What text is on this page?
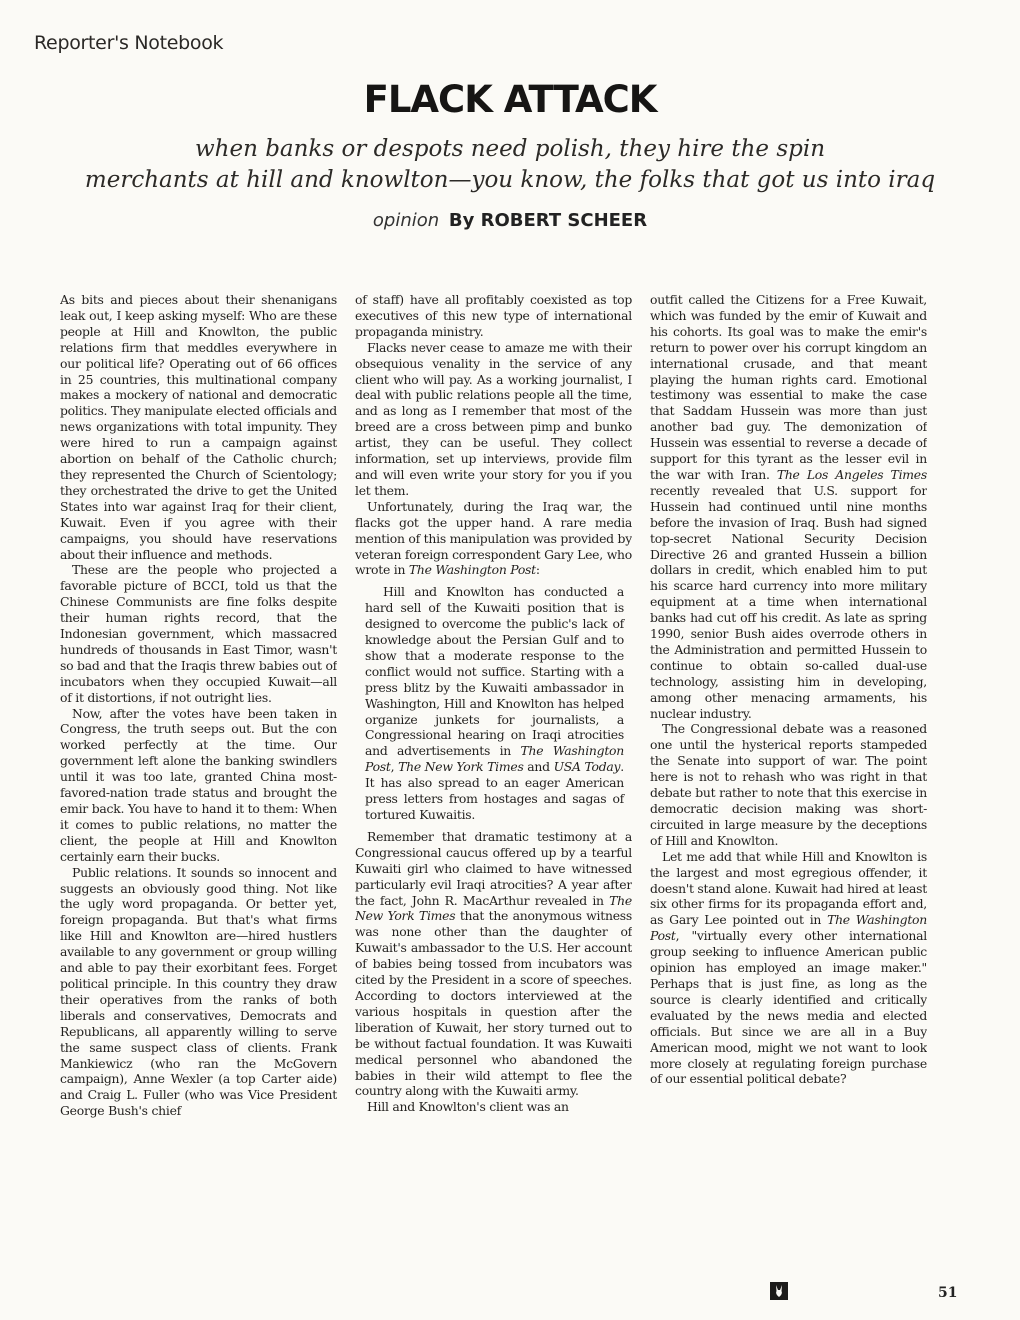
Reporter's Notebook
FLACK ATTACK
when banks or despots need polish, they hire the spin
merchants at hill and knowlton—you know, the folks that got us into iraq
opinion By ROBERT SCHEER

As bits and pieces about their shenanigans leak out, I keep asking myself: Who are these people at Hill and Knowlton, the public relations firm that meddles everywhere in our political life? Operating out of 66 offices in 25 countries, this multinational company makes a mockery of national and democratic politics. They manipulate elected officials and news organizations with total impunity. They were hired to run a campaign against abortion on behalf of the Catholic church; they represented the Church of Scientology; they orchestrated the drive to get the United States into war against Iraq for their client, Kuwait. Even if you agree with their campaigns, you should have reservations about their influence and methods.

These are the people who projected a favorable picture of BCCI, told us that the Chinese Communists are fine folks despite their human rights record, that the Indonesian government, which massacred hundreds of thousands in East Timor, wasn't so bad and that the Iraqis threw babies out of incubators when they occupied Kuwait—all of it distortions, if not outright lies.

Now, after the votes have been taken in Congress, the truth seeps out. But the con worked perfectly at the time. Our government left alone the banking swindlers until it was too late, granted China most-favored-nation trade status and brought the emir back. You have to hand it to them: When it comes to public relations, no matter the client, the people at Hill and Knowlton certainly earn their bucks.

Public relations. It sounds so innocent and suggests an obviously good thing. Not like the ugly word propaganda. Or better yet, foreign propaganda. But that's what firms like Hill and Knowlton are—hired hustlers available to any government or group willing and able to pay their exorbitant fees. Forget political principle. In this country they draw their operatives from the ranks of both liberals and conservatives, Democrats and Republicans, all apparently willing to serve the same suspect class of clients. Frank Mankiewicz (who ran the McGovern campaign), Anne Wexler (a top Carter aide) and Craig L. Fuller (who was Vice President George Bush's chief

of staff) have all profitably coexisted as top executives of this new type of international propaganda ministry.

Flacks never cease to amaze me with their obsequious venality in the service of any client who will pay. As a working journalist, I deal with public relations people all the time, and as long as I remember that most of the breed are a cross between pimp and bunko artist, they can be useful. They collect information, set up interviews, provide film and will even write your story for you if you let them.

Unfortunately, during the Iraq war, the flacks got the upper hand. A rare media mention of this manipulation was provided by veteran foreign correspondent Gary Lee, who wrote in The Washington Post:

Hill and Knowlton has conducted a hard sell of the Kuwaiti position that is designed to overcome the public's lack of knowledge about the Persian Gulf and to show that a moderate response to the conflict would not suffice. Starting with a press blitz by the Kuwaiti ambassador in Washington, Hill and Knowlton has helped organize junkets for journalists, a Congressional hearing on Iraqi atrocities and advertisements in The Washington Post, The New York Times and USA Today. It has also spread to an eager American press letters from hostages and sagas of tortured Kuwaitis.

Remember that dramatic testimony at a Congressional caucus offered up by a tearful Kuwaiti girl who claimed to have witnessed particularly evil Iraqi atrocities? A year after the fact, John R. MacArthur revealed in The New York Times that the anonymous witness was none other than the daughter of Kuwait's ambassador to the U.S. Her account of babies being tossed from incubators was cited by the President in a score of speeches. According to doctors interviewed at the various hospitals in question after the liberation of Kuwait, her story turned out to be without factual foundation. It was Kuwaiti medical personnel who abandoned the babies in their wild attempt to flee the country along with the Kuwaiti army.

Hill and Knowlton's client was an

outfit called the Citizens for a Free Kuwait, which was funded by the emir of Kuwait and his cohorts. Its goal was to make the emir's return to power over his corrupt kingdom an international crusade, and that meant playing the human rights card. Emotional testimony was essential to make the case that Saddam Hussein was more than just another bad guy. The demonization of Hussein was essential to reverse a decade of support for this tyrant as the lesser evil in the war with Iran. The Los Angeles Times recently revealed that U.S. support for Hussein had continued until nine months before the invasion of Iraq. Bush had signed top-secret National Security Decision Directive 26 and granted Hussein a billion dollars in credit, which enabled him to put his scarce hard currency into more military equipment at a time when international banks had cut off his credit. As late as spring 1990, senior Bush aides overrode others in the Administration and permitted Hussein to continue to obtain so-called dual-use technology, assisting him in developing, among other menacing armaments, his nuclear industry.

The Congressional debate was a reasoned one until the hysterical reports stampeded the Senate into support of war. The point here is not to rehash who was right in that debate but rather to note that this exercise in democratic decision making was short-circuited in large measure by the deceptions of Hill and Knowlton.

Let me add that while Hill and Knowlton is the largest and most egregious offender, it doesn't stand alone. Kuwait had hired at least six other firms for its propaganda effort and, as Gary Lee pointed out in The Washington Post, "virtually every other international group seeking to influence American public opinion has employed an image maker." Perhaps that is just fine, as long as the source is clearly identified and critically evaluated by the news media and elected officials. But since we are all in a Buy American mood, might we not want to look more closely at regulating foreign purchase of our essential political debate?

51
